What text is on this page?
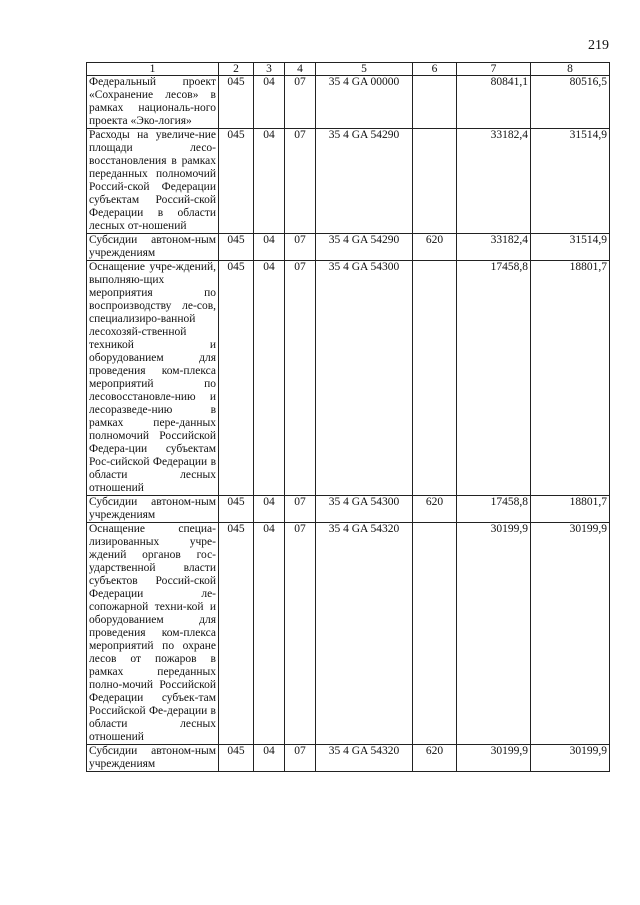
219
1	2	3	4	5	6	7	8
Федеральный проект «Сохранение лесов» в рамках националь-ного проекта «Эко-логия»	045	04	07	35 4 GA 00000		80841,1	80516,5
Расходы на увеличе-ние площади лесо-восстановления в рамках переданных полномочий Россий-ской Федерации субъектам Россий-ской Федерации в области лесных от-ношений	045	04	07	35 4 GA 54290		33182,4	31514,9
Субсидии автоном-ным учреждениям	045	04	07	35 4 GA 54290	620	33182,4	31514,9
Оснащение учре-ждений, выполняю-щих мероприятия по воспроизводству ле-сов, специализиро-ванной лесохозяй-ственной техникой и оборудованием для проведения ком-плекса мероприятий по лесовосстановле-нию и лесоразведе-нию в рамках пере-данных полномочий Российской Федера-ции субъектам Рос-сийской Федерации в области лесных отношений	045	04	07	35 4 GA 54300		17458,8	18801,7
Субсидии автоном-ным учреждениям	045	04	07	35 4 GA 54300	620	17458,8	18801,7
Оснащение специа-лизированных учре-ждений органов гос-ударственной власти субъектов Россий-ской Федерации ле-сопожарной техни-кой и оборудованием для проведения ком-плекса мероприятий по охране лесов от пожаров в рамках переданных полно-мочий Российской Федерации субъек-там Российской Фе-дерации в области лесных отношений	045	04	07	35 4 GA 54320		30199,9	30199,9
Субсидии автоном-ным учреждениям	045	04	07	35 4 GA 54320	620	30199,9	30199,9
